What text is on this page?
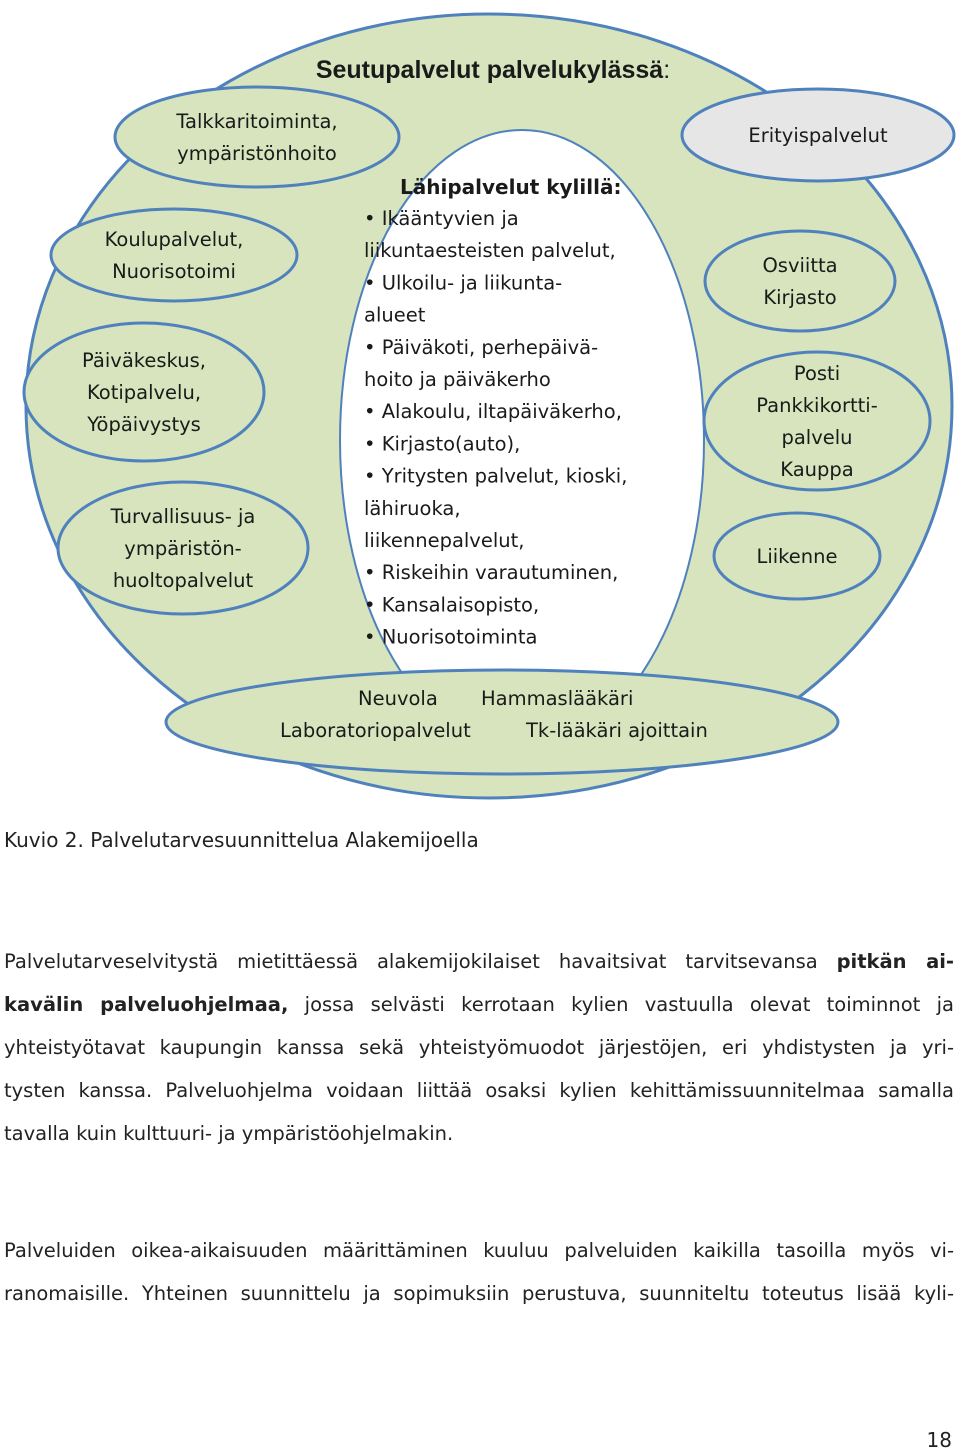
Seutupalvelut palvelukylässä:
Lähipalvelut kylillä:
• Ikääntyvien ja
liikuntaesteisten palvelut,
• Ulkoilu- ja liikunta-
alueet
• Päiväkoti, perhepäivä-
hoito ja päiväkerho
• Alakoulu, iltapäiväkerho,
• Kirjasto(auto),
• Yritysten palvelut, kioski,
lähiruoka,
liikennepalvelut,
• Riskeihin varautuminen,
• Kansalaisopisto,
• Nuorisotoiminta
Talkkaritoiminta,
ympäristönhoito
Koulupalvelut,
Nuorisotoimi
Päiväkeskus,
Kotipalvelu,
Yöpäivystys
Turvallisuus- ja
ympäristön-
huoltopalvelut
Erityispalvelut
Osviitta
Kirjasto
Posti
Pankkikortti-
palvelu
Kauppa
Liikenne
Neuvola Hammaslääkäri
Laboratoriopalvelut	Tk-lääkäri ajoittain
Kuvio 2. Palvelutarvesuunnittelua Alakemijoella

Palvelutarveselvitystä mietittäessä alakemijokilaiset havaitsivat tarvitsevansa pitkän ai-

kavälin palveluohjelmaa, jossa selvästi kerrotaan kylien vastuulla olevat toiminnot ja

yhteistyötavat kaupungin kanssa sekä yhteistyömuodot järjestöjen, eri yhdistysten ja yri-

tysten kanssa. Palveluohjelma voidaan liittää osaksi kylien kehittämissuunnitelmaa samalla

tavalla kuin kulttuuri- ja ympäristöohjelmakin.

Palveluiden oikea-aikaisuuden määrittäminen kuuluu palveluiden kaikilla tasoilla myös vi-

ranomaisille. Yhteinen suunnittelu ja sopimuksiin perustuva, suunniteltu toteutus lisää kyli-

18
